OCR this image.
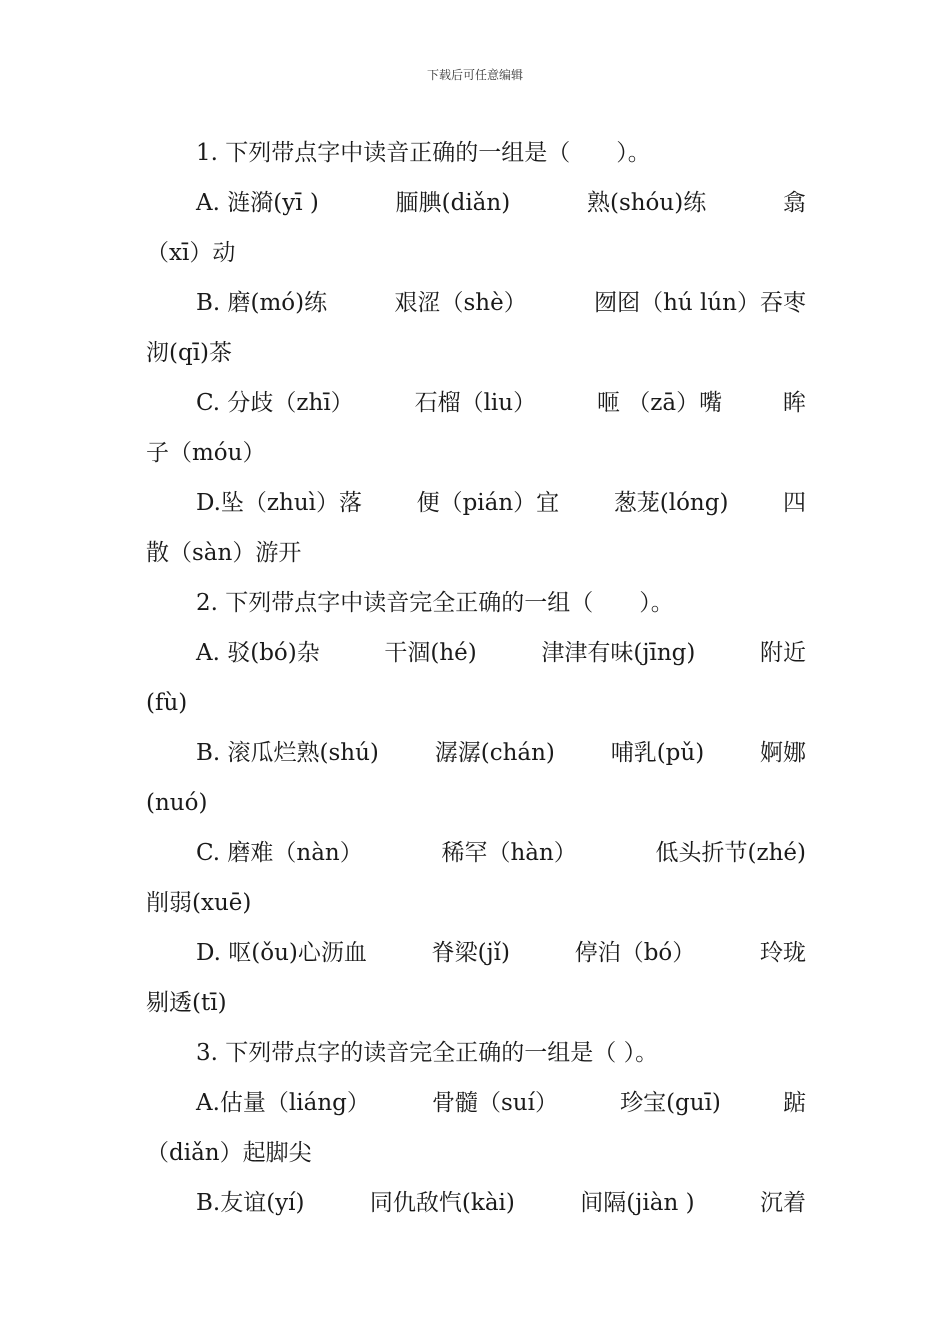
下载后可任意编辑
1. 下列带点字中读音正确的一组是（　　）。
A. 涟漪(yī )	腼腆(diǎn)	熟(shóu)练	翕
（xī）动
B. 磨(mó)练	艰涩（shè）	囫囵（hú lún）吞枣
沏(qī)茶
C. 分歧（zhī）	石榴（liu）	咂 （zā）嘴	眸
子（móu）
D.坠（zhuì）落 便（pián）宜 葱茏(lóng) 四
散（sàn）游开
2. 下列带点字中读音完全正确的一组（　　）。
A. 驳(bó)杂	干涸(hé)	津津有味(jīng)	附近
(fù)
B. 滚瓜烂熟(shú) 潺潺(chán) 哺乳(pǔ) 婀娜
(nuó)
C. 磨难（nàn）	稀罕（hàn）	低头折节(zhé)
削弱(xuē)
D. 呕(ǒu)心沥血	脊梁(jǐ)	停泊（bó）	玲珑
剔透(tī)
3. 下列带点字的读音完全正确的一组是（ ）。
A.估量（liáng）	骨髓（suí）	珍宝(guī)	踮
（diǎn）起脚尖
B.友谊(yí)	同仇敌忾(kài)	间隔(jiàn )	沉着
